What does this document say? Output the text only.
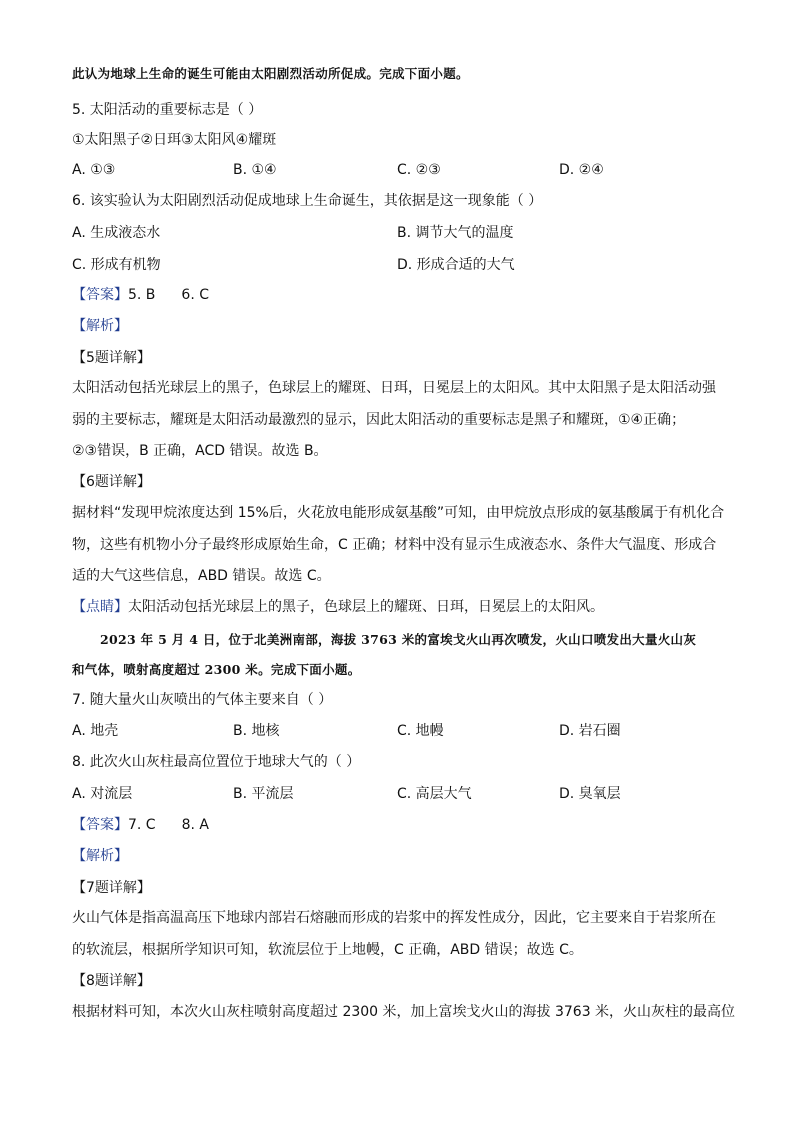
此认为地球上生命的诞生可能由太阳剧烈活动所促成。完成下面小题。
5. 太阳活动的重要标志是（ ）
①太阳黑子②日珥③太阳风④耀斑
A. ①③	B. ①④	C. ②③	D. ②④
6. 该实验认为太阳剧烈活动促成地球上生命诞生，其依据是这一现象能（ ）
A. 生成液态水	B. 调节大气的温度
C. 形成有机物	D. 形成合适的大气
【答案】5. B 6. C
【解析】
【5题详解】
太阳活动包括光球层上的黑子，色球层上的耀斑、日珥，日冕层上的太阳风。其中太阳黑子是太阳活动强
弱的主要标志，耀斑是太阳活动最激烈的显示，因此太阳活动的重要标志是黑子和耀斑，①④正确；
②③错误，B 正确，ACD 错误。故选 B。
【6题详解】
据材料“发现甲烷浓度达到 15%后，火花放电能形成氨基酸”可知，由甲烷放点形成的氨基酸属于有机化合
物，这些有机物小分子最终形成原始生命，C 正确；材料中没有显示生成液态水、条件大气温度、形成合
适的大气这些信息，ABD 错误。故选 C。
【点睛】太阳活动包括光球层上的黑子，色球层上的耀斑、日珥，日冕层上的太阳风。
2023 年 5 月 4 日，位于北美洲南部，海拔 3763 米的富埃戈火山再次喷发，火山口喷发出大量火山灰
和气体，喷射高度超过 2300 米。完成下面小题。
7. 随大量火山灰喷出的气体主要来自（ ）
A. 地壳	B. 地核	C. 地幔	D. 岩石圈
8. 此次火山灰柱最高位置位于地球大气的（ ）
A. 对流层	B. 平流层	C. 高层大气	D. 臭氧层
【答案】7. C 8. A
【解析】
【7题详解】
火山气体是指高温高压下地球内部岩石熔融而形成的岩浆中的挥发性成分，因此，它主要来自于岩浆所在
的软流层，根据所学知识可知，软流层位于上地幔，C 正确，ABD 错误；故选 C。
【8题详解】
根据材料可知，本次火山灰柱喷射高度超过 2300 米，加上富埃戈火山的海拔 3763 米，火山灰柱的最高位
